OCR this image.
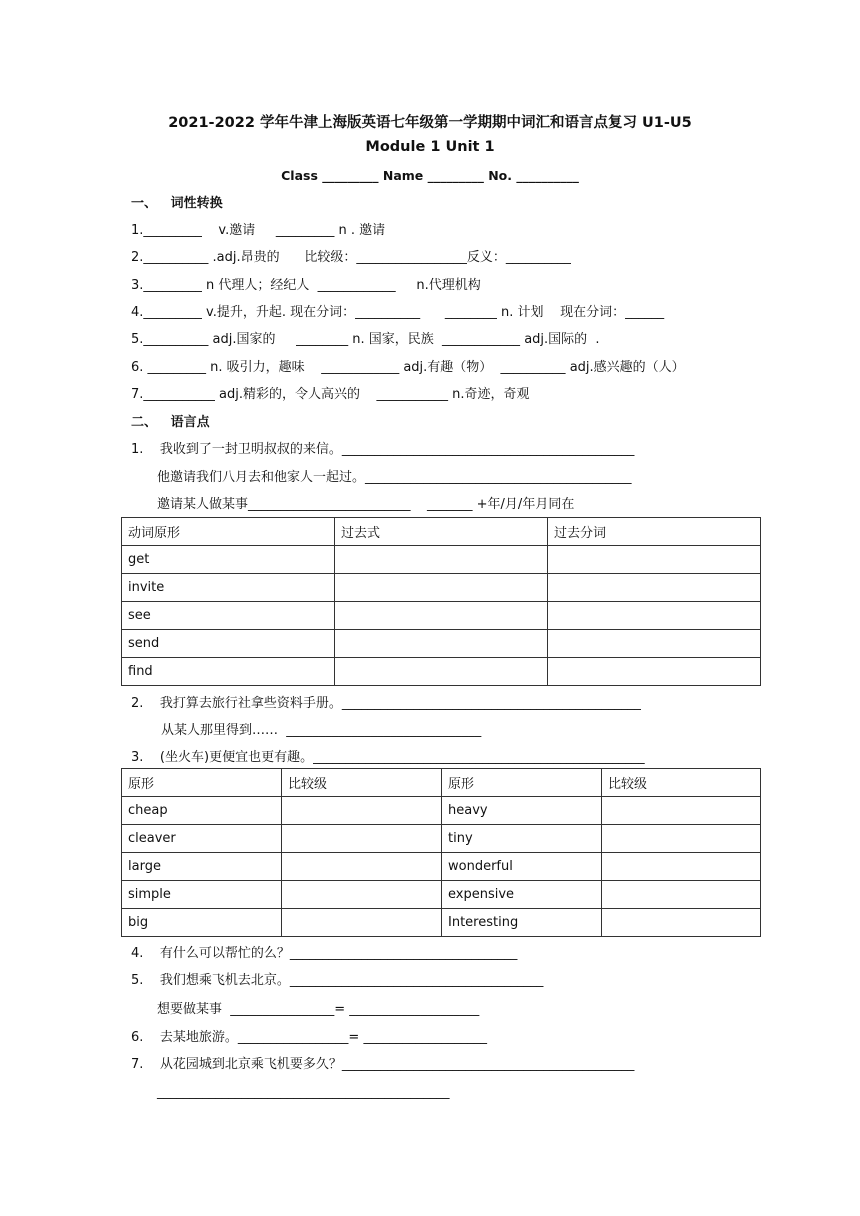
2021-2022 学年牛津上海版英语七年级第一学期期中词汇和语言点复习 U1-U5
Module 1 Unit 1
Class _________ Name _________ No. __________
一、   词性转换
1._________    v.邀请     _________ n . 邀请
2.__________ .adj.昂贵的      比较级：_________________反义：__________
3._________ n 代理人；经纪人  ____________     n.代理机构
4._________ v.提升，升起. 现在分词：__________      ________ n. 计划    现在分词：______
5.__________ adj.国家的     ________ n. 国家，民族  ____________ adj.国际的  .
6. _________ n. 吸引力，趣味    ____________ adj.有趣（物）  __________ adj.感兴趣的（人）
7.___________ adj.精彩的，令人高兴的    ___________ n.奇迹，奇观
二、   语言点
1.    我收到了一封卫明叔叔的来信。_____________________________________________
他邀请我们八月去和他家人一起过。_________________________________________
邀请某人做某事_________________________    _______ +年/月/年月同在
动词原形	过去式	过去分词
get		
invite		
see		
send		
find		
2.    我打算去旅行社拿些资料手册。______________________________________________
从某人那里得到……  ______________________________
3.    (坐火车)更便宜也更有趣。___________________________________________________
原形	比较级	原形	比较级
cheap		heavy	
cleaver		tiny	
large		wonderful	
simple		expensive	
big		Interesting	
4.    有什么可以帮忙的么？___________________________________
5.    我们想乘飞机去北京。_______________________________________
想要做某事  ________________= ____________________
6.    去某地旅游。_________________= ___________________
7.    从花园城到北京乘飞机要多久？_____________________________________________
_____________________________________________
